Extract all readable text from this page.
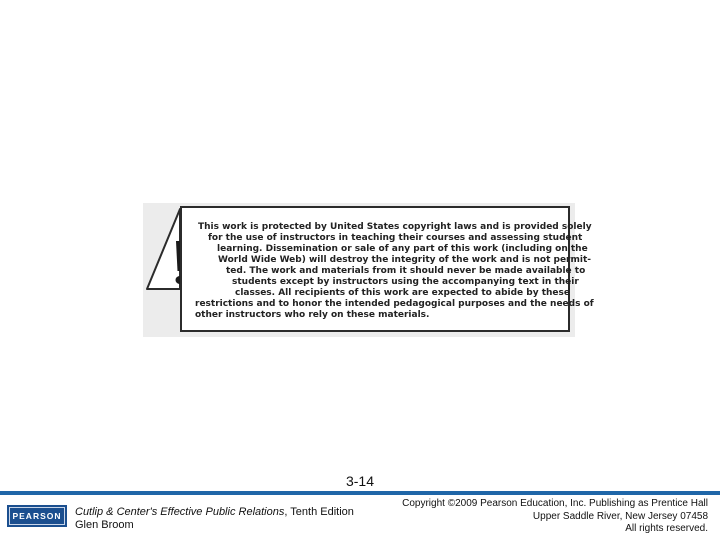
This work is protected by United States copyright laws and is provided solely
for the use of instructors in teaching their courses and assessing student
learning. Dissemination or sale of any part of this work (including on the
World Wide Web) will destroy the integrity of the work and is not permit-
ted. The work and materials from it should never be made available to
students except by instructors using the accompanying text in their
classes. All recipients of this work are expected to abide by these
restrictions and to honor the intended pedagogical purposes and the needs of
other instructors who rely on these materials.
3-14
PEARSON	Cutlip & Center's Effective Public Relations, Tenth Edition
Glen Broom
Copyright ©2009 Pearson Education, Inc. Publishing as Prentice Hall
Upper Saddle River, New Jersey 07458
All rights reserved.
